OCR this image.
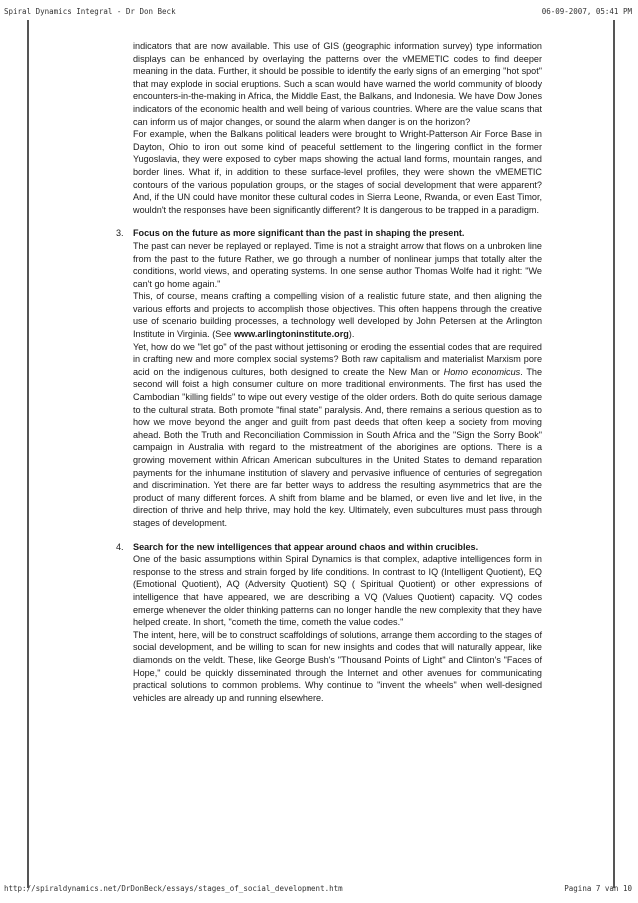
Spiral Dynamics Integral - Dr Don Beck	06-09-2007, 05:41 PM

indicators that are now available. This use of GIS (geographic information survey) type information displays can be enhanced by overlaying the patterns over the vMEMETIC codes to find deeper meaning in the data. Further, it should be possible to identify the early signs of an emerging "hot spot" that may explode in social eruptions. Such a scan would have warned the world community of bloody encounters-in-the-making in Africa, the Middle East, the Balkans, and Indonesia. We have Dow Jones indicators of the economic health and well being of various countries. Where are the value scans that can inform us of major changes, or sound the alarm when danger is on the horizon?

For example, when the Balkans political leaders were brought to Wright-Patterson Air Force Base in Dayton, Ohio to iron out some kind of peaceful settlement to the lingering conflict in the former Yugoslavia, they were exposed to cyber maps showing the actual land forms, mountain ranges, and border lines. What if, in addition to these surface-level profiles, they were shown the vMEMETIC contours of the various population groups, or the stages of social development that were apparent? And, if the UN could have monitor these cultural codes in Sierra Leone, Rwanda, or even East Timor, wouldn't the responses have been significantly different? It is dangerous to be trapped in a paradigm.

3. Focus on the future as more significant than the past in shaping the present.

The past can never be replayed or replayed. Time is not a straight arrow that flows on a unbroken line from the past to the future Rather, we go through a number of nonlinear jumps that totally alter the conditions, world views, and operating systems. In one sense author Thomas Wolfe had it right: "We can't go home again."

This, of course, means crafting a compelling vision of a realistic future state, and then aligning the various efforts and projects to accomplish those objectives. This often happens through the creative use of scenario building processes, a technology well developed by John Petersen at the Arlington Institute in Virginia. (See www.arlingtoninstitute.org).

Yet, how do we "let go" of the past without jettisoning or eroding the essential codes that are required in crafting new and more complex social systems? Both raw capitalism and materialist Marxism pore acid on the indigenous cultures, both designed to create the New Man or Homo economicus. The second will foist a high consumer culture on more traditional environments. The first has used the Cambodian "killing fields" to wipe out every vestige of the older orders. Both do quite serious damage to the cultural strata. Both promote "final state" paralysis. And, there remains a serious question as to how we move beyond the anger and guilt from past deeds that often keep a society from moving ahead. Both the Truth and Reconciliation Commission in South Africa and the "Sign the Sorry Book" campaign in Australia with regard to the mistreatment of the aborigines are options. There is a growing movement within African American subcultures in the United States to demand reparation payments for the inhumane institution of slavery and pervasive influence of centuries of segregation and discrimination. Yet there are far better ways to address the resulting asymmetrics that are the product of many different forces. A shift from blame and be blamed, or even live and let live, in the direction of thrive and help thrive, may hold the key. Ultimately, even subcultures must pass through stages of development.

4. Search for the new intelligences that appear around chaos and within crucibles.

One of the basic assumptions within Spiral Dynamics is that complex, adaptive intelligences form in response to the stress and strain forged by life conditions. In contrast to IQ (Intelligent Quotient), EQ (Emotional Quotient), AQ (Adversity Quotient) SQ ( Spiritual Quotient) or other expressions of intelligence that have appeared, we are describing a VQ (Values Quotient) capacity. VQ codes emerge whenever the older thinking patterns can no longer handle the new complexity that they have helped create. In short, "cometh the time, cometh the value codes."

The intent, here, will be to construct scaffoldings of solutions, arrange them according to the stages of social development, and be willing to scan for new insights and codes that will naturally appear, like diamonds on the veldt. These, like George Bush's "Thousand Points of Light" and Clinton's "Faces of Hope," could be quickly disseminated through the Internet and other avenues for communicating practical solutions to common problems. Why continue to "invent the wheels" when well-designed vehicles are already up and running elsewhere.

http://spiraldynamics.net/DrDonBeck/essays/stages_of_social_development.htm	Pagina 7 van 10
